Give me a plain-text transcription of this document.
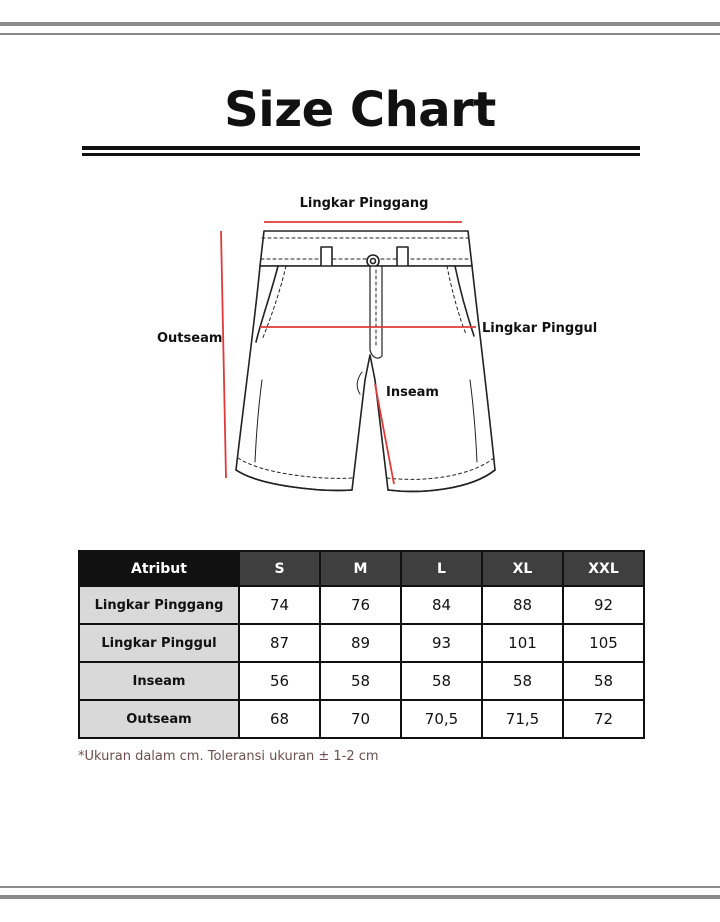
Size Chart
Lingkar Pinggang
Lingkar Pinggul
Outseam
Inseam
Atribut	S	M	L	XL	XXL
Lingkar Pinggang	74	76	84	88	92
Lingkar Pinggul	87	89	93	101	105
Inseam	56	58	58	58	58
Outseam	68	70	70,5	71,5	72
*Ukuran dalam cm. Toleransi ukuran ± 1-2 cm
